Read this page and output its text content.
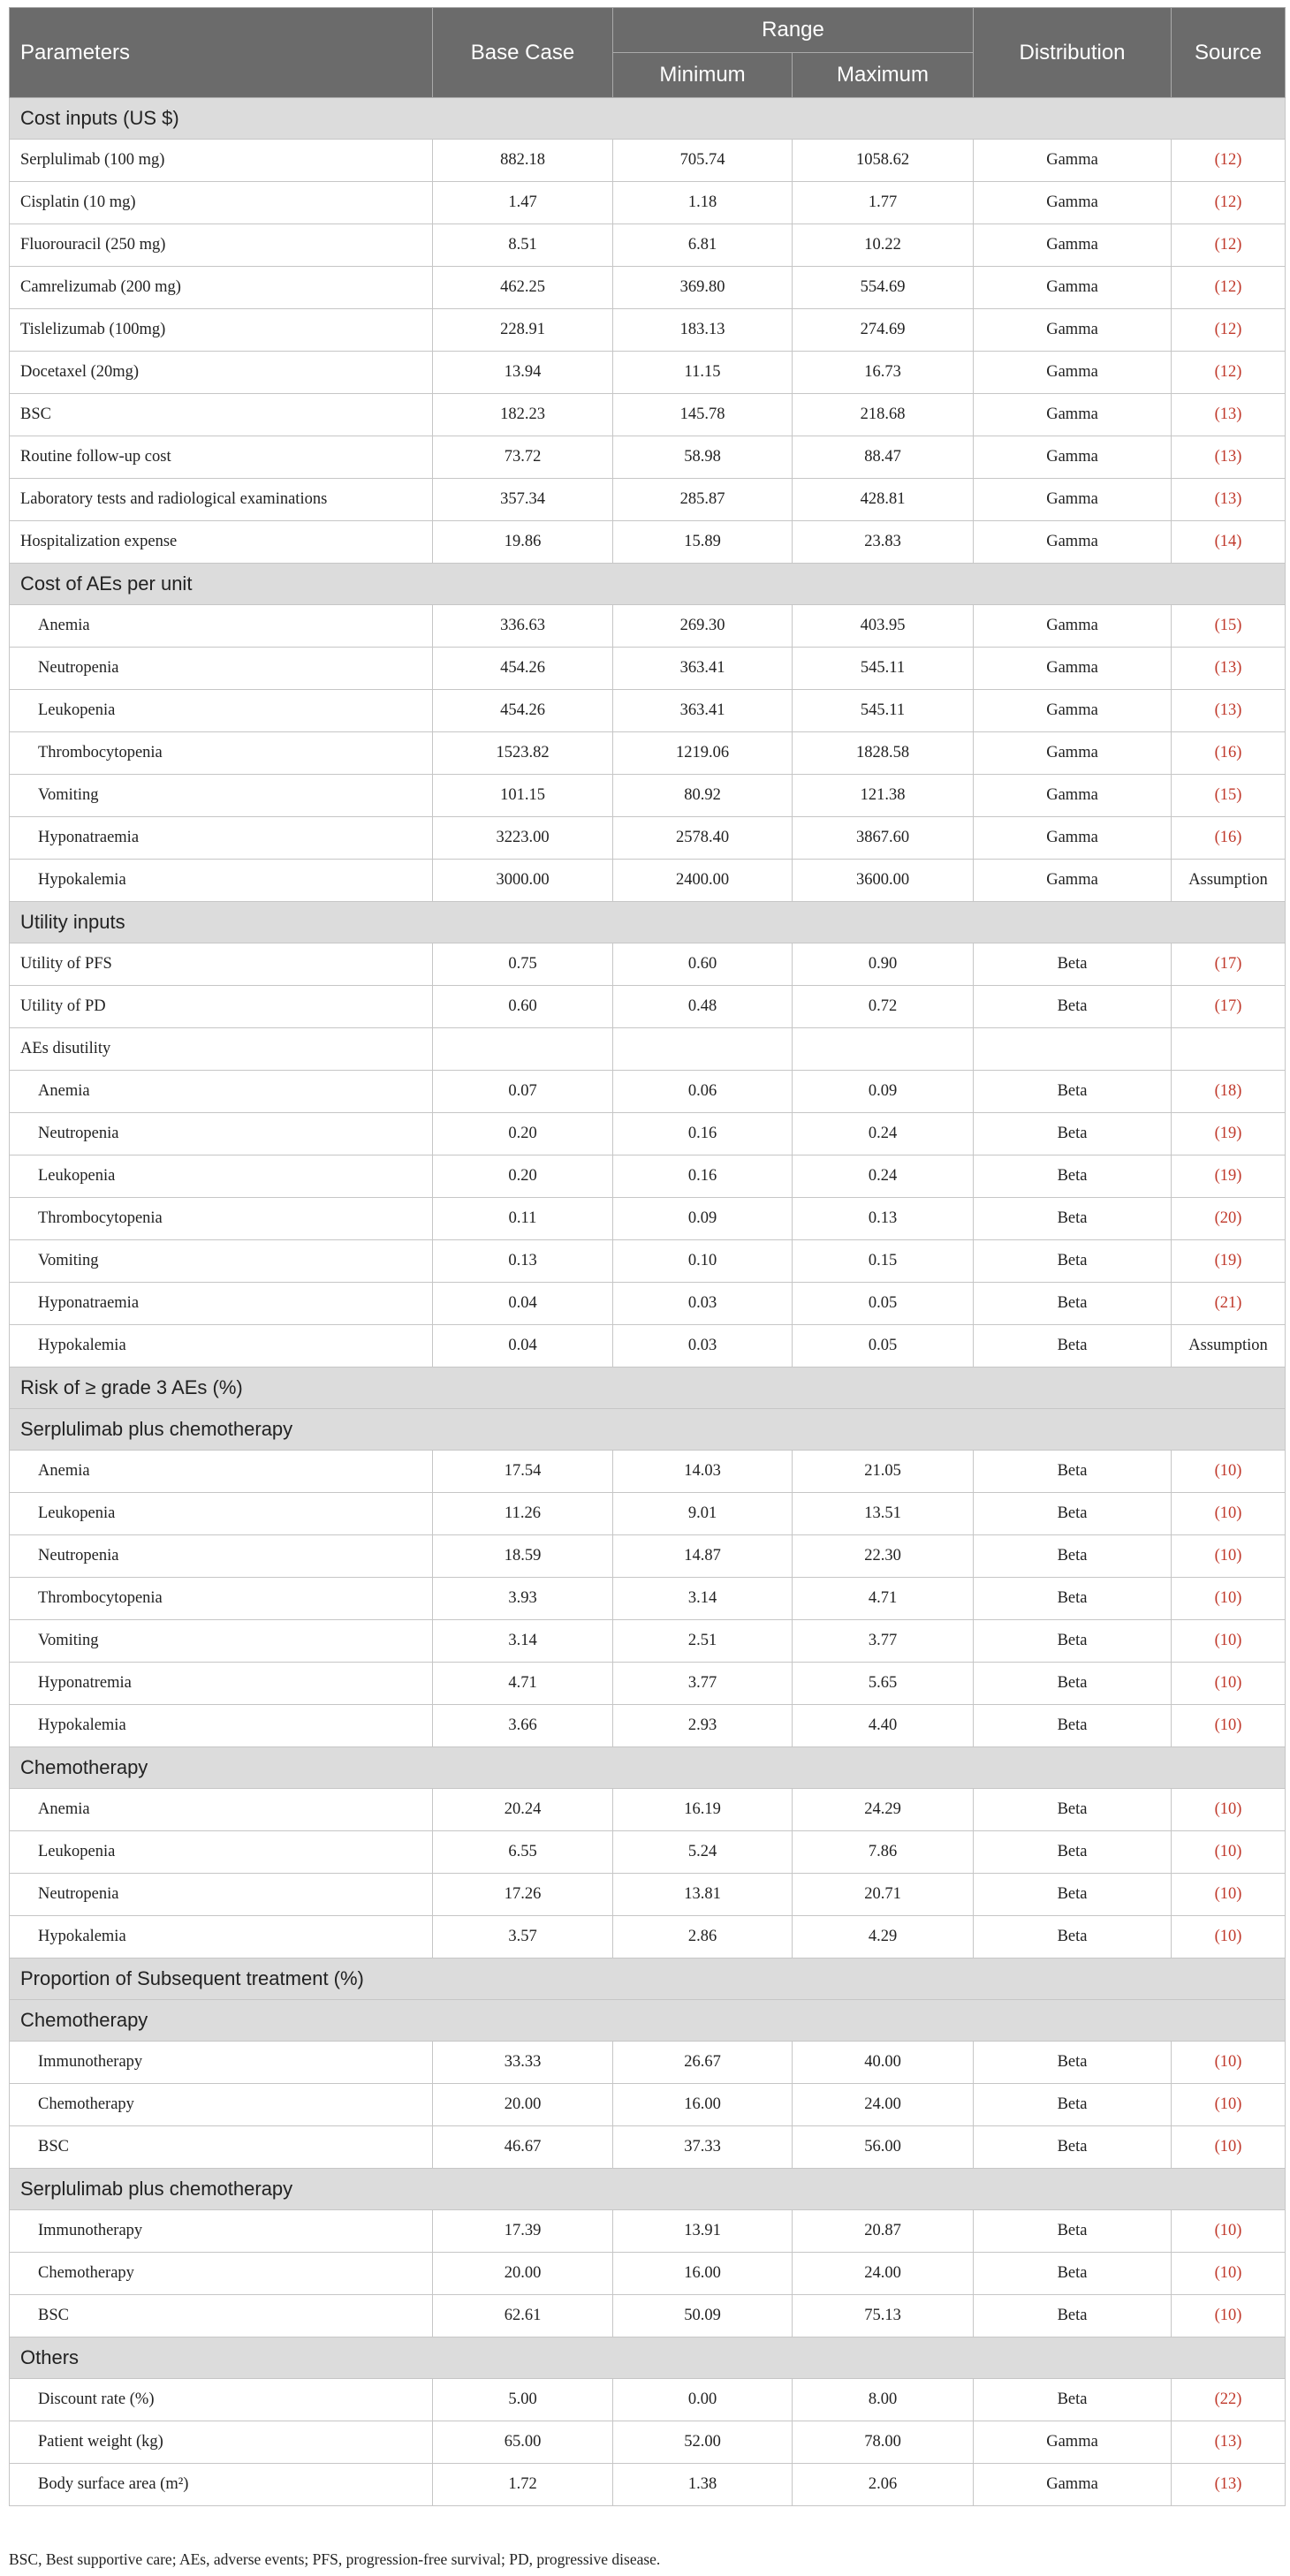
Parameters	Base Case	Range		Distribution	Source
		Minimum	Maximum		
Cost inputs (US $)					
Serplulimab (100 mg)	882.18	705.74	1058.62	Gamma	(12)
Cisplatin (10 mg)	1.47	1.18	1.77	Gamma	(12)
Fluorouracil (250 mg)	8.51	6.81	10.22	Gamma	(12)
Camrelizumab (200 mg)	462.25	369.80	554.69	Gamma	(12)
Tislelizumab (100mg)	228.91	183.13	274.69	Gamma	(12)
Docetaxel (20mg)	13.94	11.15	16.73	Gamma	(12)
BSC	182.23	145.78	218.68	Gamma	(13)
Routine follow-up cost	73.72	58.98	88.47	Gamma	(13)
Laboratory tests and radiological examinations	357.34	285.87	428.81	Gamma	(13)
Hospitalization expense	19.86	15.89	23.83	Gamma	(14)
Cost of AEs per unit					
Anemia	336.63	269.30	403.95	Gamma	(15)
Neutropenia	454.26	363.41	545.11	Gamma	(13)
Leukopenia	454.26	363.41	545.11	Gamma	(13)
Thrombocytopenia	1523.82	1219.06	1828.58	Gamma	(16)
Vomiting	101.15	80.92	121.38	Gamma	(15)
Hyponatraemia	3223.00	2578.40	3867.60	Gamma	(16)
Hypokalemia	3000.00	2400.00	3600.00	Gamma	Assumption
Utility inputs					
Utility of PFS	0.75	0.60	0.90	Beta	(17)
Utility of PD	0.60	0.48	0.72	Beta	(17)
AEs disutility					
Anemia	0.07	0.06	0.09	Beta	(18)
Neutropenia	0.20	0.16	0.24	Beta	(19)
Leukopenia	0.20	0.16	0.24	Beta	(19)
Thrombocytopenia	0.11	0.09	0.13	Beta	(20)
Vomiting	0.13	0.10	0.15	Beta	(19)
Hyponatraemia	0.04	0.03	0.05	Beta	(21)
Hypokalemia	0.04	0.03	0.05	Beta	Assumption
Risk of ≥ grade 3 AEs (%)					
Serplulimab plus chemotherapy					
Anemia	17.54	14.03	21.05	Beta	(10)
Leukopenia	11.26	9.01	13.51	Beta	(10)
Neutropenia	18.59	14.87	22.30	Beta	(10)
Thrombocytopenia	3.93	3.14	4.71	Beta	(10)
Vomiting	3.14	2.51	3.77	Beta	(10)
Hyponatremia	4.71	3.77	5.65	Beta	(10)
Hypokalemia	3.66	2.93	4.40	Beta	(10)
Chemotherapy					
Anemia	20.24	16.19	24.29	Beta	(10)
Leukopenia	6.55	5.24	7.86	Beta	(10)
Neutropenia	17.26	13.81	20.71	Beta	(10)
Hypokalemia	3.57	2.86	4.29	Beta	(10)
Proportion of Subsequent treatment (%)					
Chemotherapy					
Immunotherapy	33.33	26.67	40.00	Beta	(10)
Chemotherapy	20.00	16.00	24.00	Beta	(10)
BSC	46.67	37.33	56.00	Beta	(10)
Serplulimab plus chemotherapy					
Immunotherapy	17.39	13.91	20.87	Beta	(10)
Chemotherapy	20.00	16.00	24.00	Beta	(10)
BSC	62.61	50.09	75.13	Beta	(10)
Others					
Discount rate (%)	5.00	0.00	8.00	Beta	(22)
Patient weight (kg)	65.00	52.00	78.00	Gamma	(13)
Body surface area (m²)	1.72	1.38	2.06	Gamma	(13)
BSC, Best supportive care; AEs, adverse events; PFS, progression-free survival; PD, progressive disease.
